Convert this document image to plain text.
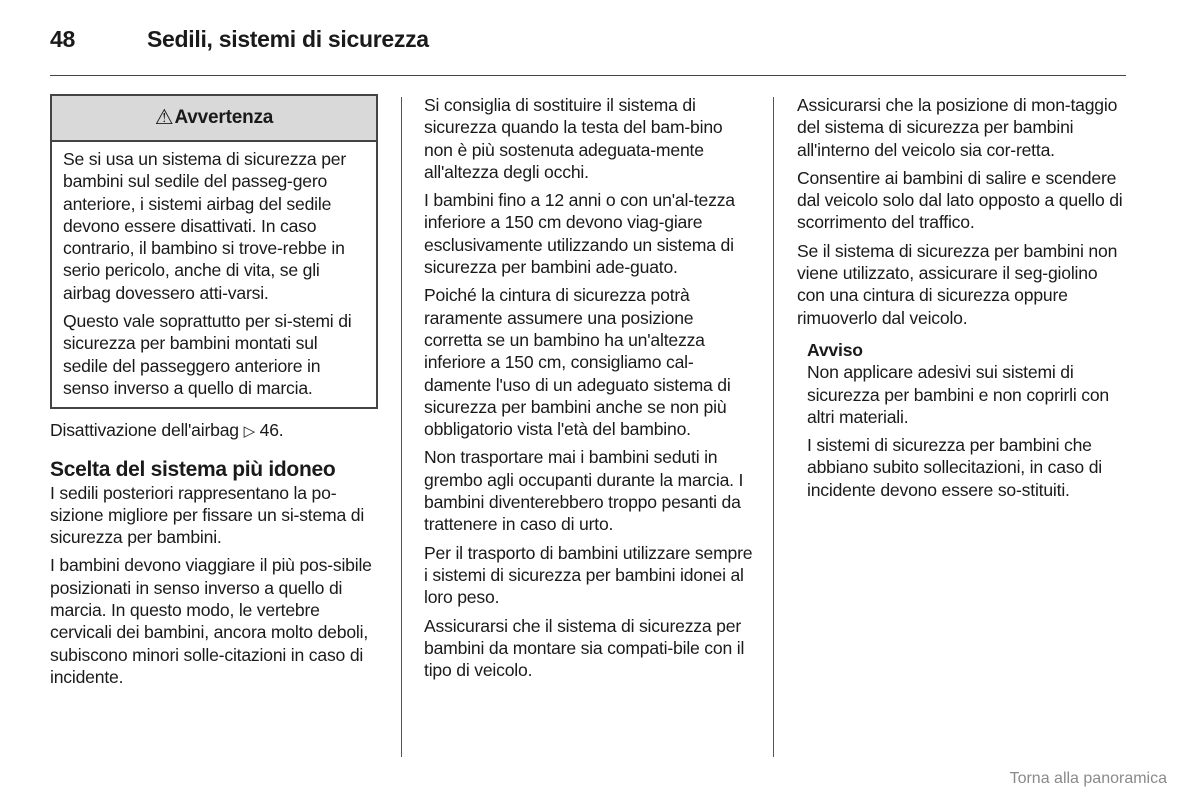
48	Sedili, sistemi di sicurezza
⚠ Avvertenza

Se si usa un sistema di sicurezza per bambini sul sedile del passeg-gero anteriore, i sistemi airbag del sedile devono essere disattivati. In caso contrario, il bambino si trove-rebbe in serio pericolo, anche di vita, se gli airbag dovessero atti-varsi.

Questo vale soprattutto per si-stemi di sicurezza per bambini montati sul sedile del passeggero anteriore in senso inverso a quello di marcia.

Disattivazione dell'airbag ▷ 46.

Scelta del sistema più idoneo

I sedili posteriori rappresentano la po-sizione migliore per fissare un si-stema di sicurezza per bambini.

I bambini devono viaggiare il più pos-sibile posizionati in senso inverso a quello di marcia. In questo modo, le vertebre cervicali dei bambini, ancora molto deboli, subiscono minori solle-citazioni in caso di incidente.

Si consiglia di sostituire il sistema di sicurezza quando la testa del bam-bino non è più sostenuta adeguata-mente all'altezza degli occhi.

I bambini fino a 12 anni o con un'al-tezza inferiore a 150 cm devono viag-giare esclusivamente utilizzando un sistema di sicurezza per bambini ade-guato.

Poiché la cintura di sicurezza potrà raramente assumere una posizione corretta se un bambino ha un'altezza inferiore a 150 cm, consigliamo cal-damente l'uso di un adeguato sistema di sicurezza per bambini anche se non più obbligatorio vista l'età del bambino.

Non trasportare mai i bambini seduti in grembo agli occupanti durante la marcia. I bambini diventerebbero troppo pesanti da trattenere in caso di urto.

Per il trasporto di bambini utilizzare sempre i sistemi di sicurezza per bambini idonei al loro peso.

Assicurarsi che il sistema di sicurezza per bambini da montare sia compati-bile con il tipo di veicolo.

Assicurarsi che la posizione di mon-taggio del sistema di sicurezza per bambini all'interno del veicolo sia cor-retta.

Consentire ai bambini di salire e scendere dal veicolo solo dal lato opposto a quello di scorrimento del traffico.

Se il sistema di sicurezza per bambini non viene utilizzato, assicurare il seg-giolino con una cintura di sicurezza oppure rimuoverlo dal veicolo.

Avviso

Non applicare adesivi sui sistemi di sicurezza per bambini e non coprirli con altri materiali.

I sistemi di sicurezza per bambini che abbiano subito sollecitazioni, in caso di incidente devono essere so-stituiti.

Torna alla panoramica
